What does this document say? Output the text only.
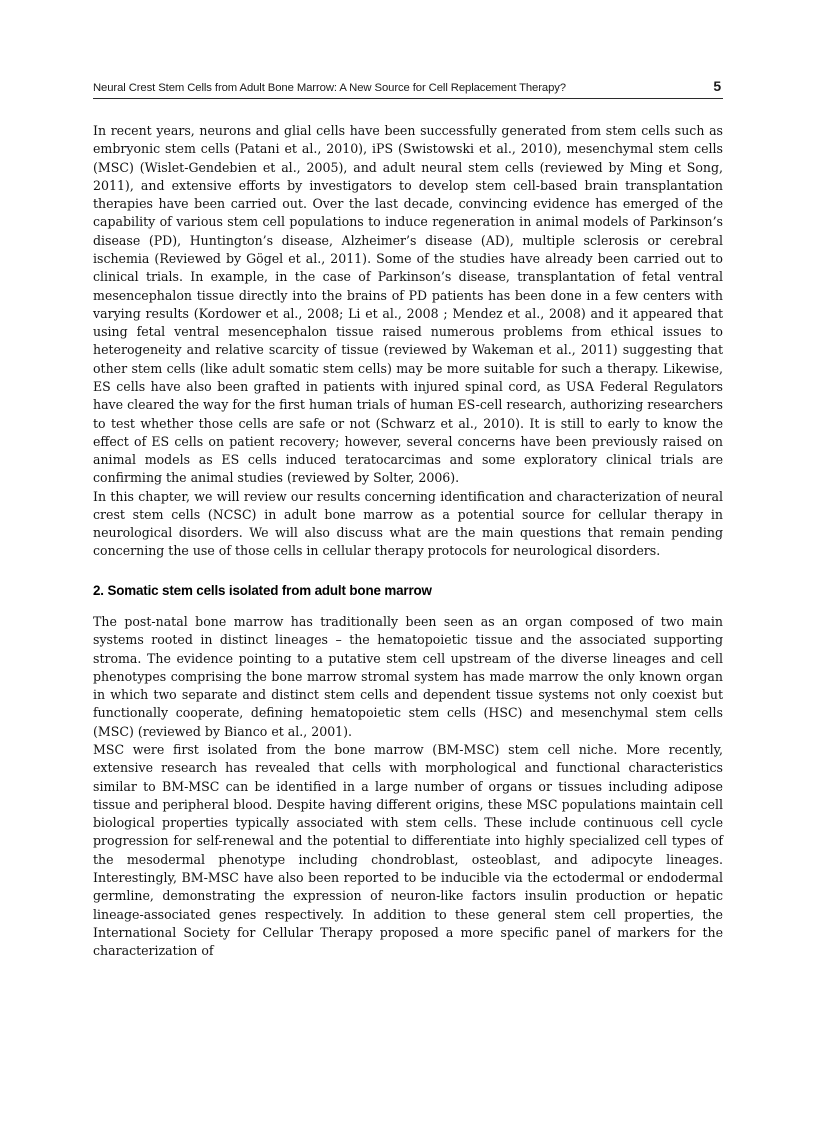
Neural Crest Stem Cells from Adult Bone Marrow: A New Source for Cell Replacement Therapy?	5

In recent years, neurons and glial cells have been successfully generated from stem cells such as embryonic stem cells (Patani et al., 2010), iPS (Swistowski et al., 2010), mesenchymal stem cells (MSC) (Wislet-Gendebien et al., 2005), and adult neural stem cells (reviewed by Ming et Song, 2011), and extensive efforts by investigators to develop stem cell-based brain transplantation therapies have been carried out. Over the last decade, convincing evidence has emerged of the capability of various stem cell populations to induce regeneration in animal models of Parkinson’s disease (PD), Huntington’s disease, Alzheimer’s disease (AD), multiple sclerosis or cerebral ischemia (Reviewed by Gögel et al., 2011). Some of the studies have already been carried out to clinical trials. In example, in the case of Parkinson’s disease, transplantation of fetal ventral mesencephalon tissue directly into the brains of PD patients has been done in a few centers with varying results (Kordower et al., 2008; Li et al., 2008 ; Mendez et al., 2008) and it appeared that using fetal ventral mesencephalon tissue raised numerous problems from ethical issues to heterogeneity and relative scarcity of tissue (reviewed by Wakeman et al., 2011) suggesting that other stem cells (like adult somatic stem cells) may be more suitable for such a therapy. Likewise, ES cells have also been grafted in patients with injured spinal cord, as USA Federal Regulators have cleared the way for the first human trials of human ES-cell research, authorizing researchers to test whether those cells are safe or not (Schwarz et al., 2010). It is still to early to know the effect of ES cells on patient recovery; however, several concerns have been previously raised on animal models as ES cells induced teratocarcimas and some exploratory clinical trials are confirming the animal studies (reviewed by Solter, 2006).

In this chapter, we will review our results concerning identification and characterization of neural crest stem cells (NCSC) in adult bone marrow as a potential source for cellular therapy in neurological disorders. We will also discuss what are the main questions that remain pending concerning the use of those cells in cellular therapy protocols for neurological disorders.

2. Somatic stem cells isolated from adult bone marrow

The post-natal bone marrow has traditionally been seen as an organ composed of two main systems rooted in distinct lineages – the hematopoietic tissue and the associated supporting stroma. The evidence pointing to a putative stem cell upstream of the diverse lineages and cell phenotypes comprising the bone marrow stromal system has made marrow the only known organ in which two separate and distinct stem cells and dependent tissue systems not only coexist but functionally cooperate, defining hematopoietic stem cells (HSC) and mesenchymal stem cells (MSC) (reviewed by Bianco et al., 2001).

MSC were first isolated from the bone marrow (BM-MSC) stem cell niche. More recently, extensive research has revealed that cells with morphological and functional characteristics similar to BM-MSC can be identified in a large number of organs or tissues including adipose tissue and peripheral blood. Despite having different origins, these MSC populations maintain cell biological properties typically associated with stem cells. These include continuous cell cycle progression for self-renewal and the potential to differentiate into highly specialized cell types of the mesodermal phenotype including chondroblast, osteoblast, and adipocyte lineages. Interestingly, BM-MSC have also been reported to be inducible via the ectodermal or endodermal germline, demonstrating the expression of neuron-like factors insulin production or hepatic lineage-associated genes respectively. In addition to these general stem cell properties, the International Society for Cellular Therapy proposed a more specific panel of markers for the characterization of
